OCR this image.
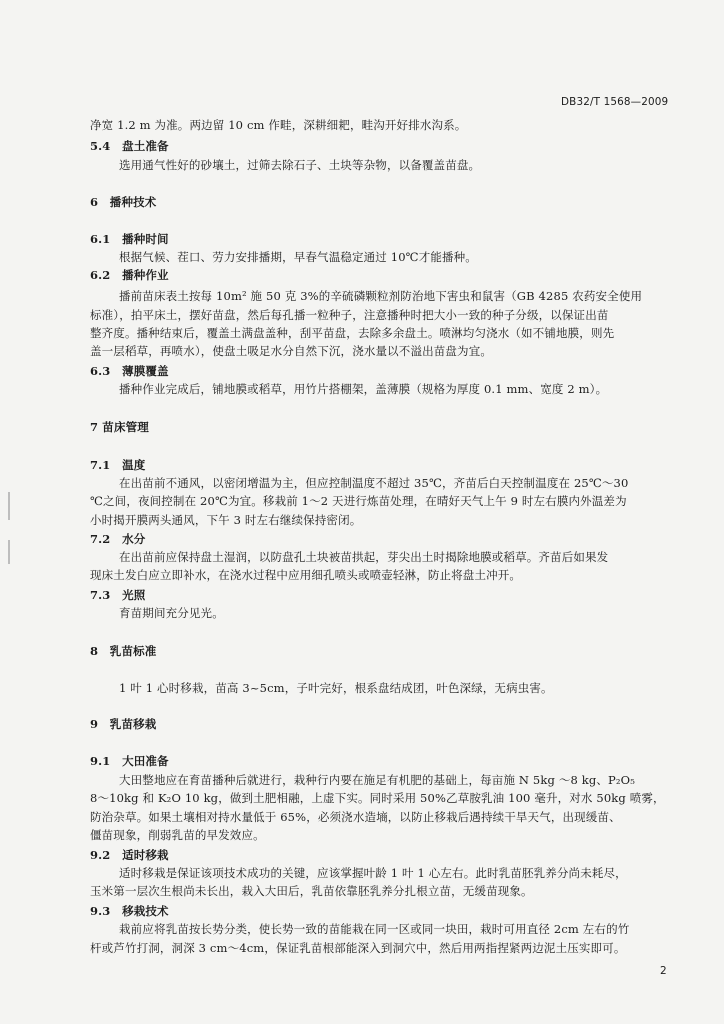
DB32/T 1568—2009
净宽 1.2 m 为准。两边留 10 cm 作畦，深耕细耙，畦沟开好排水沟系。
5.4　盘土准备
选用通气性好的砂壤土，过筛去除石子、土块等杂物，以备覆盖苗盘。
6　播种技术
6.1　播种时间
根据气候、茬口、劳力安排播期，早春气温稳定通过 10℃才能播种。
6.2　播种作业
播前苗床表土按每 10m² 施 50 克 3%的辛硫磷颗粒剂防治地下害虫和鼠害（GB 4285 农药安全使用
标准），拍平床土，摆好苗盘，然后每孔播一粒种子，注意播种时把大小一致的种子分级，以保证出苗
整齐度。播种结束后，覆盖土满盘盖种，刮平苗盘，去除多余盘土。喷淋均匀浇水（如不铺地膜，则先
盖一层稻草，再喷水），使盘土吸足水分自然下沉，浇水量以不溢出苗盘为宜。
6.3　薄膜覆盖
播种作业完成后，铺地膜或稻草，用竹片搭棚架，盖薄膜（规格为厚度 0.1 mm、宽度 2 m）。
7 苗床管理
7.1　温度
在出苗前不通风，以密闭增温为主，但应控制温度不超过 35℃，齐苗后白天控制温度在 25℃～30
℃之间，夜间控制在 20℃为宜。移栽前 1～2 天进行炼苗处理，在晴好天气上午 9 时左右膜内外温差为
小时揭开膜两头通风，下午 3 时左右继续保持密闭。
7.2　水分
在出苗前应保持盘土湿润，以防盘孔土块被苗拱起，芽尖出土时揭除地膜或稻草。齐苗后如果发
现床土发白应立即补水，在浇水过程中应用细孔喷头或喷壶轻淋，防止将盘土冲开。
7.3　光照
育苗期间充分见光。
8　乳苗标准
1 叶 1 心时移栽，苗高 3~5cm，子叶完好，根系盘结成团，叶色深绿，无病虫害。
9　乳苗移栽
9.1　大田准备
大田整地应在育苗播种后就进行，栽种行内要在施足有机肥的基础上，每亩施 N 5kg ～8 kg、P₂O₅
8～10kg 和 K₂O 10 kg，做到土肥相融，上虚下实。同时采用 50%乙草胺乳油 100 毫升，对水 50kg 喷雾，
防治杂草。如果土壤相对持水量低于 65%，必须浇水造墒，以防止移栽后遇持续干旱天气，出现缓苗、
僵苗现象，削弱乳苗的早发效应。
9.2　适时移栽
适时移栽是保证该项技术成功的关键，应该掌握叶龄 1 叶 1 心左右。此时乳苗胚乳养分尚未耗尽，
玉米第一层次生根尚未长出，栽入大田后，乳苗依靠胚乳养分扎根立苗，无缓苗现象。
9.3　移栽技术
栽前应将乳苗按长势分类，使长势一致的苗能栽在同一区或同一块田，栽时可用直径 2cm 左右的竹
杆或芦竹打洞，洞深 3 cm～4cm，保证乳苗根部能深入到洞穴中，然后用两指捏紧两边泥土压实即可。
2
